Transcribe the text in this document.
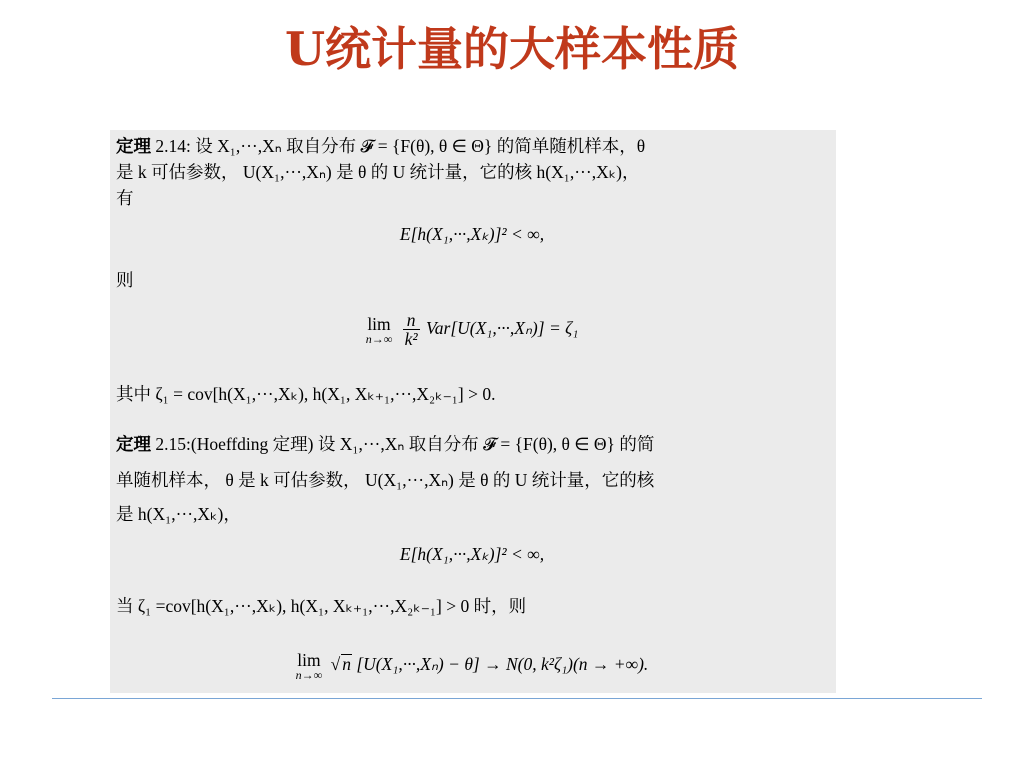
U统计量的大样本性质
定理 2.14: 设 X₁,···,Xₙ 取自分布 𝓕 = {F(θ), θ ∈ Θ} 的简单随机样本，θ
是 k 可估参数， U(X₁,···,Xₙ) 是 θ 的 U 统计量，它的核 h(X₁,···,Xₖ)，
有
E[h(X₁,···,Xₖ)]² < ∞,
则
lim
n→∞
$\frac{n}{\text{k²}} Var[U(X_1,\cdot\cdot\cdot,X_n)] = \zeta_1$
其中 ζ₁ = cov[h(X₁,···,Xₖ), h(X₁, Xₖ₊₁,···,X₂ₖ₋₁] > 0.
定理 2.15:(Hoeffding 定理) 设 X₁,···,Xₙ 取自分布 𝓕 = {F(θ), θ ∈ Θ} 的简
单随机样本， θ 是 k 可估参数， U(X₁,···,Xₙ) 是 θ 的 U 统计量，它的核
是 h(X₁,···,Xₖ)，
E[h(X₁,···,Xₖ)]² < ∞,
当 ζ₁ =cov[h(X₁,···,Xₖ), h(X₁, Xₖ₊₁,···,X₂ₖ₋₁] > 0 时，则
lim
n→∞
√ n [U(X₁,···,Xₙ) − θ] → N(0, k²ζ₁)(n → +∞).
